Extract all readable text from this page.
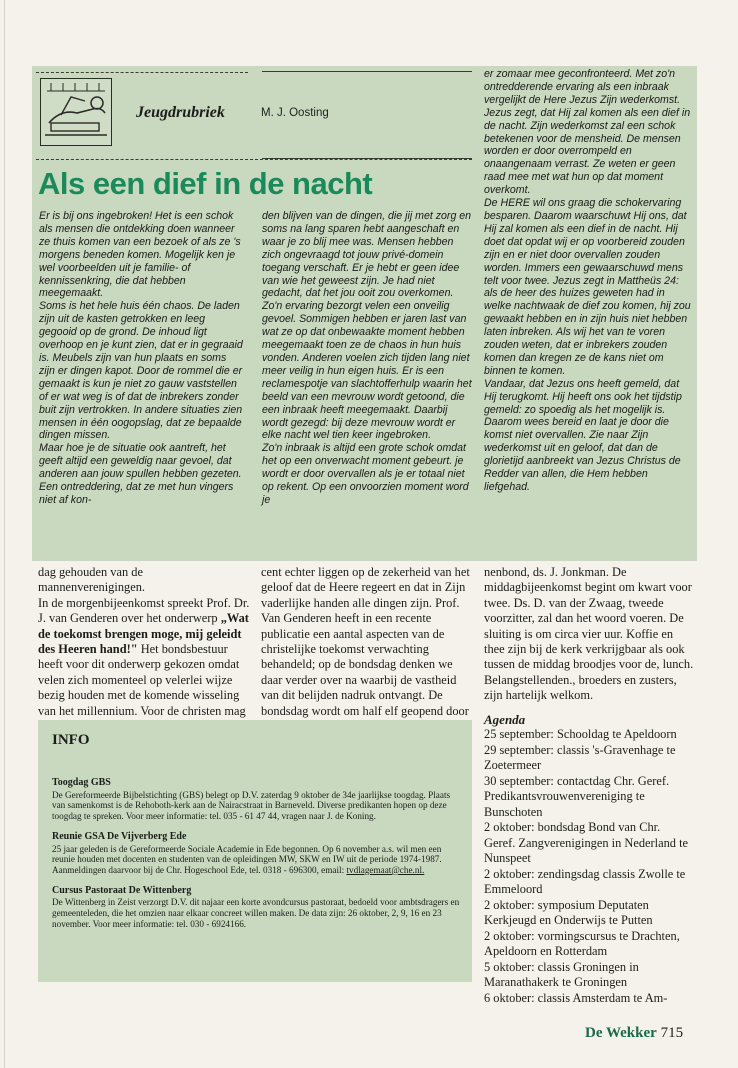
Jeugdrubriek	M. J. Oosting
Als een dief in de nacht

Er is bij ons ingebroken! Het is een schok als mensen die ontdekking doen wanneer ze thuis komen van een bezoek of als ze 's morgens beneden komen. Mogelijk ken je wel voorbeelden uit je familie- of kennissenkring, die dat hebben meegemaakt.

Soms is het hele huis één chaos. De laden zijn uit de kasten getrokken en leeg gegooid op de grond. De inhoud ligt overhoop en je kunt zien, dat er in gegraaid is. Meubels zijn van hun plaats en soms zijn er dingen kapot. Door de rommel die er gemaakt is kun je niet zo gauw vaststellen of er wat weg is of dat de inbrekers zonder buit zijn vertrokken. In andere situaties zien mensen in één oogopslag, dat ze bepaalde dingen missen.

Maar hoe je de situatie ook aantreft, het geeft altijd een geweldig naar gevoel, dat anderen aan jouw spullen hebben gezeten. Een ontreddering, dat ze met hun vingers niet af kon-

den blijven van de dingen, die jij met zorg en soms na lang sparen hebt aangeschaft en waar je zo blij mee was. Mensen hebben zich ongevraagd tot jouw privé-domein toegang verschaft. Er je hebt er geen idee van wie het geweest zijn. Je had niet gedacht, dat het jou ooit zou overkomen.

Zo'n ervaring bezorgt velen een onveilig gevoel. Sommigen hebben er jaren last van wat ze op dat onbewaakte moment hebben meegemaakt toen ze de chaos in hun huis vonden. Anderen voelen zich tijden lang niet meer veilig in hun eigen huis. Er is een reclamespotje van slachtofferhulp waarin het beeld van een mevrouw wordt getoond, die een inbraak heeft meegemaakt. Daarbij wordt gezegd: bij deze mevrouw wordt er elke nacht wel tien keer ingebroken.

Zo'n inbraak is altijd een grote schok omdat het op een onverwacht moment gebeurt. je wordt er door overvallen als je er totaal niet op rekent. Op een onvoorzien moment word je

er zomaar mee geconfronteerd. Met zo'n ontredderende ervaring als een inbraak vergelijkt de Here Jezus Zijn wederkomst. Jezus zegt, dat Hij zal komen als een dief in de nacht. Zijn wederkomst zal een schok betekenen voor de mensheid. De mensen worden er door overrompeld en onaangenaam verrast. Ze weten er geen raad mee met wat hun op dat moment overkomt.

De HERE wil ons graag die schokervaring besparen. Daarom waarschuwt Hij ons, dat Hij zal komen als een dief in de nacht. Hij doet dat opdat wij er op voorbereid zouden zijn en er niet door overvallen zouden worden. Immers een gewaarschuwd mens telt voor twee. Jezus zegt in Mattheüs 24: als de heer des huizes geweten had in welke nachtwaak de dief zou komen, hij zou gewaakt hebben en in zijn huis niet hebben laten inbreken. Als wij het van te voren zouden weten, dat er inbrekers zouden komen dan kregen ze de kans niet om binnen te komen.

Vandaar, dat Jezus ons heeft gemeld, dat Hij terugkomt. Hij heeft ons ook het tijdstip gemeld: zo spoedig als het mogelijk is. Daarom wees bereid en laat je door die komst niet overvallen. Zie naar Zijn wederkomst uit en geloof, dat dan de glorietijd aanbreekt van Jezus Christus de Redder van allen, die Hem hebben liefgehad.

dag gehouden van de mannenverenigingen.

In de morgenbijeenkomst spreekt Prof. Dr. J. van Genderen over het onderwerp „Wat de toekomst brengen moge, mij geleidt des Heeren hand!" Het bondsbestuur heeft voor dit onderwerp gekozen omdat velen zich momenteel op velerlei wijze bezig houden met de komende wisseling van het millennium. Voor de christen mag

cent echter liggen op de zekerheid van het geloof dat de Heere regeert en dat in Zijn vaderlijke handen alle dingen zijn. Prof. Van Genderen heeft in een recente publicatie een aantal aspecten van de christelijke toekomst verwachting behandeld; op de bondsdag denken we daar verder over na waarbij de vastheid van dit belijden nadruk ontvangt. De bondsdag wordt om half elf geopend door

nenbond, ds. J. Jonkman. De middagbijeenkomst begint om kwart voor twee. Ds. D. van der Zwaag, tweede voorzitter, zal dan het woord voeren. De sluiting is om circa vier uur. Koffie en thee zijn bij de kerk verkrijgbaar als ook tussen de middag broodjes voor de, lunch. Belangstellenden., broeders en zusters, zijn hartelijk welkom.

Agenda
25 september: Schooldag te Apeldoorn
29 september: classis 's-Gravenhage te Zoetermeer
30 september: contactdag Chr. Geref. Predikantsvrouwenvereniging te Bunschoten
2 oktober: bondsdag Bond van Chr. Geref. Zangverenigingen in Nederland te Nunspeet
2 oktober: zendingsdag classis Zwolle te Emmeloord
2 oktober: symposium Deputaten Kerkjeugd en Onderwijs te Putten
2 oktober: vormingscursus te Drachten, Apeldoorn en Rotterdam
5 oktober: classis Groningen in Maranathakerk te Groningen
6 oktober: classis Amsterdam te Am-
INFO
Toogdag GBS

De Gereformeerde Bijbelstichting (GBS) belegt op D.V. zaterdag 9 oktober de 34e jaarlijkse toogdag. Plaats van samenkomst is de Rehoboth-kerk aan de Nairacstraat in Barneveld. Diverse predikanten hopen op deze toogdag te spreken. Voor meer informatie: tel. 035 - 61 47 44, vragen naar J. de Koning.

Reunie GSA De Vijverberg Ede

25 jaar geleden is de Gereformeerde Sociale Academie in Ede begonnen. Op 6 november a.s. wil men een reunie houden met docenten en studenten van de opleidingen MW, SKW en IW uit de periode 1974-1987. Aanmeldingen daarvoor bij de Chr. Hogeschool Ede, tel. 0318 - 696300, email: tvdlagemaat@che.nl.

Cursus Pastoraat De Wittenberg

De Wittenberg in Zeist verzorgt D.V. dit najaar een korte avondcursus pastoraat, bedoeld voor ambtsdragers en gemeenteleden, die het omzien naar elkaar concreet willen maken. De data zijn: 26 oktober, 2, 9, 16 en 23 november. Voor meer informatie: tel. 030 - 6924166.

De Wekker 715
